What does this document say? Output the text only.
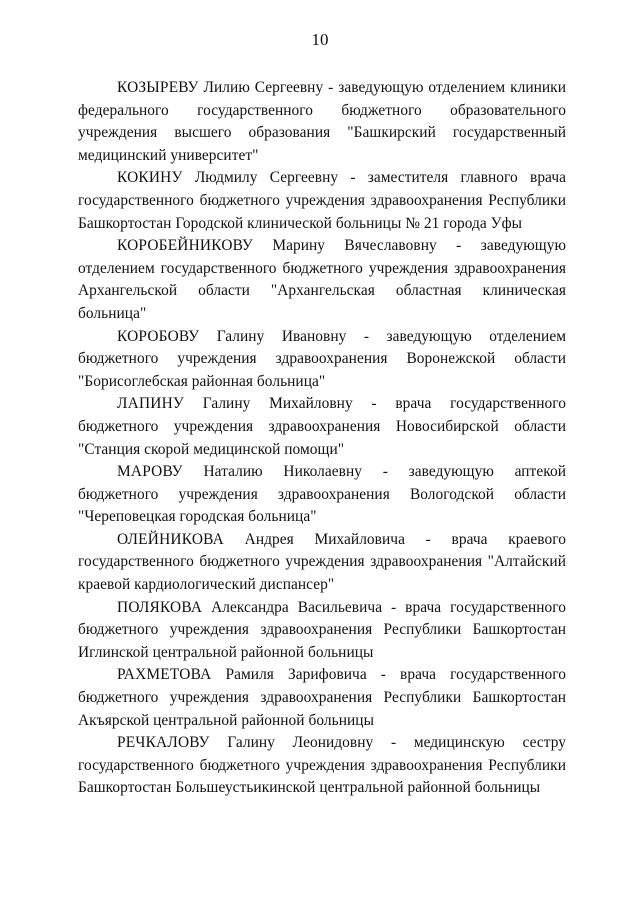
10

КОЗЫРЕВУ Лилию Сергеевну - заведующую отделением клиники федерального государственного бюджетного образовательного учреждения высшего образования "Башкирский государственный медицинский университет"

КОКИНУ Людмилу Сергеевну - заместителя главного врача государственного бюджетного учреждения здравоохранения Республики Башкортостан Городской клинической больницы № 21 города Уфы

КОРОБЕЙНИКОВУ Марину Вячеславовну - заведующую отделением государственного бюджетного учреждения здравоохранения Архангельской области "Архангельская областная клиническая больница"

КОРОБОВУ Галину Ивановну - заведующую отделением бюджетного учреждения здравоохранения Воронежской области "Борисоглебская районная больница"

ЛАПИНУ Галину Михайловну - врача государственного бюджетного учреждения здравоохранения Новосибирской области "Станция скорой медицинской помощи"

МАРОВУ Наталию Николаевну - заведующую аптекой бюджетного учреждения здравоохранения Вологодской области "Череповецкая городская больница"

ОЛЕЙНИКОВА Андрея Михайловича - врача краевого государственного бюджетного учреждения здравоохранения "Алтайский краевой кардиологический диспансер"

ПОЛЯКОВА Александра Васильевича - врача государственного бюджетного учреждения здравоохранения Республики Башкортостан Иглинской центральной районной больницы

РАХМЕТОВА Рамиля Зарифовича - врача государственного бюджетного учреждения здравоохранения Республики Башкортостан Акъярской центральной районной больницы

РЕЧКАЛОВУ Галину Леонидовну - медицинскую сестру государственного бюджетного учреждения здравоохранения Республики Башкортостан Большеустьикинской центральной районной больницы
